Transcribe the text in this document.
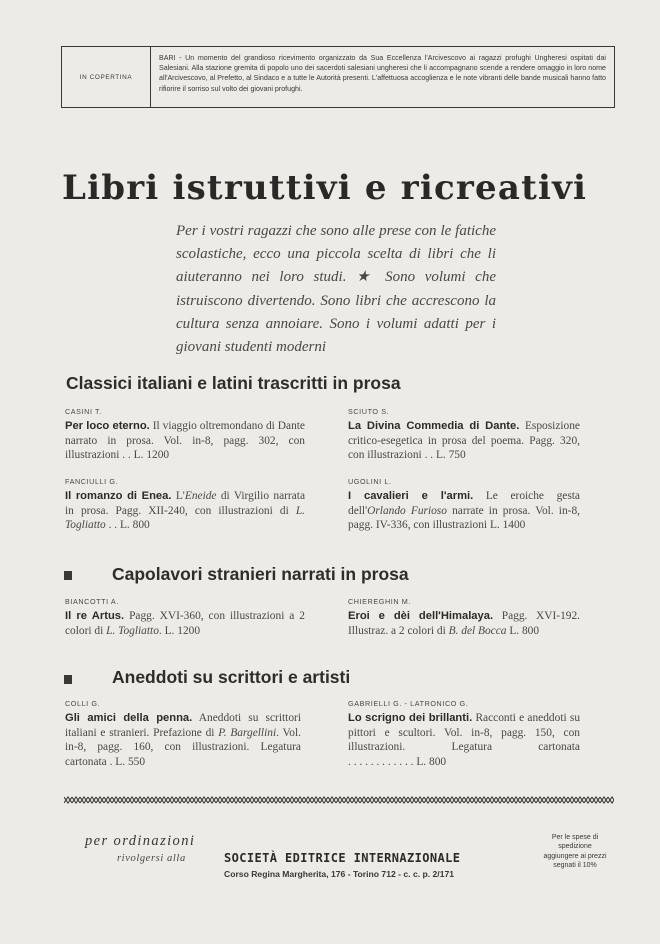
IN COPERTINA
BARI - Un momento del grandioso ricevimento organizzato da Sua Eccellenza l'Arcivescovo ai ragazzi profughi Ungheresi ospitati dai Salesiani. Alla stazione gremita di popolo uno dei sacerdoti salesiani ungheresi che li accompagnano scende a rendere omaggio in loro nome all'Arcivescovo, al Prefetto, al Sindaco e a tutte le Autorità presenti. L'affettuosa accoglienza e le note vibranti delle bande musicali hanno fatto rifiorire il sorriso sul volto dei giovani profughi.
Libri istruttivi e ricreativi

Per i vostri ragazzi che sono alle prese con le fatiche scolastiche, ecco una piccola scelta di libri che li aiuteranno nei loro studi. ★ Sono volumi che istruiscono divertendo. Sono libri che accrescono la cultura senza annoiare. Sono i volumi adatti per i giovani studenti moderni

Classici italiani e latini trascritti in prosa
CASINI T.
Per loco eterno. Il viaggio oltremondano di Dante narrato in prosa. Vol. in-8, pagg. 302, con illustrazioni . . L. 1200
SCIUTO S.
La Divina Commedia di Dante. Esposizione critico-esegetica in prosa del poema. Pagg. 320, con illustrazioni . . L. 750
FANCIULLI G.
Il romanzo di Enea. L'Eneide di Virgilio narrata in prosa. Pagg. XII-240, con illustrazioni di L. Togliatto . . L. 800
UGOLINI L.
I cavalieri e l'armi. Le eroiche gesta dell'Orlando Furioso narrate in prosa. Vol. in-8, pagg. IV-336, con illustrazioni L. 1400
Capolavori stranieri narrati in prosa
BIANCOTTI A.
Il re Artus. Pagg. XVI-360, con illustrazioni a 2 colori di L. Togliatto. L. 1200
CHIEREGHIN M.
Eroi e dèi dell'Himalaya. Pagg. XVI-192. Illustraz. a 2 colori di B. del Bocca L. 800
Aneddoti su scrittori e artisti
COLLI G.
Gli amici della penna. Aneddoti su scrittori italiani e stranieri. Prefazione di P. Bargellini. Vol. in-8, pagg. 160, con illustrazioni. Legatura cartonata . L. 550
GABRIELLI G. - LATRONICO G.
Lo scrigno dei brillanti. Racconti e aneddoti su pittori e scultori. Vol. in-8, pagg. 150, con illustrazioni. Legatura cartonata . . . . . . . . . . . . L. 800

per ordinazioni

rivolgersi alla	SOCIETÀ EDITRICE INTERNAZIONALE

Corso Regina Margherita, 176 - Torino 712 - c. c. p. 2/171

Per le spese di spedizione aggiungere ai prezzi segnati il 10%
